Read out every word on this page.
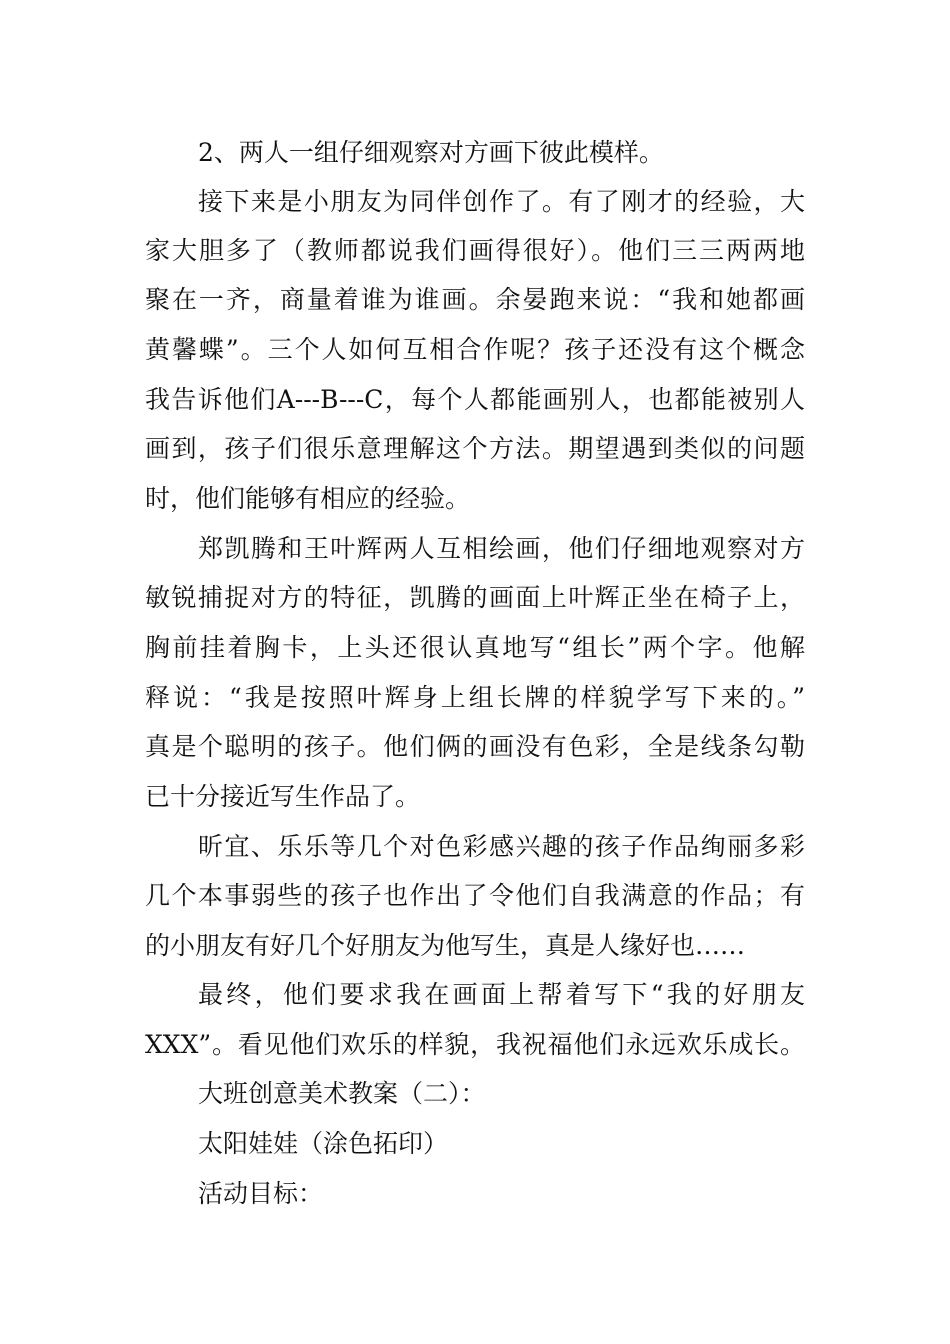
2、两人一组仔细观察对方画下彼此模样。
接下来是小朋友为同伴创作了。有了刚才的经验，大
家大胆多了（教师都说我们画得很好）。他们三三两两地
聚在一齐，商量着谁为谁画。余晏跑来说：“我和她都画
黄馨蝶”。三个人如何互相合作呢？孩子还没有这个概念
我告诉他们A---B---C，每个人都能画别人，也都能被别人
画到，孩子们很乐意理解这个方法。期望遇到类似的问题
时，他们能够有相应的经验。
郑凯腾和王叶辉两人互相绘画，他们仔细地观察对方
敏锐捕捉对方的特征，凯腾的画面上叶辉正坐在椅子上，
胸前挂着胸卡，上头还很认真地写“组长”两个字。他解
释说：“我是按照叶辉身上组长牌的样貌学写下来的。”
真是个聪明的孩子。他们俩的画没有色彩，全是线条勾勒
已十分接近写生作品了。
昕宜、乐乐等几个对色彩感兴趣的孩子作品绚丽多彩
几个本事弱些的孩子也作出了令他们自我满意的作品；有
的小朋友有好几个好朋友为他写生，真是人缘好也……
最终，他们要求我在画面上帮着写下“我的好朋友
XXX”。看见他们欢乐的样貌，我祝福他们永远欢乐成长。
大班创意美术教案（二）：
太阳娃娃（涂色拓印）
活动目标：
